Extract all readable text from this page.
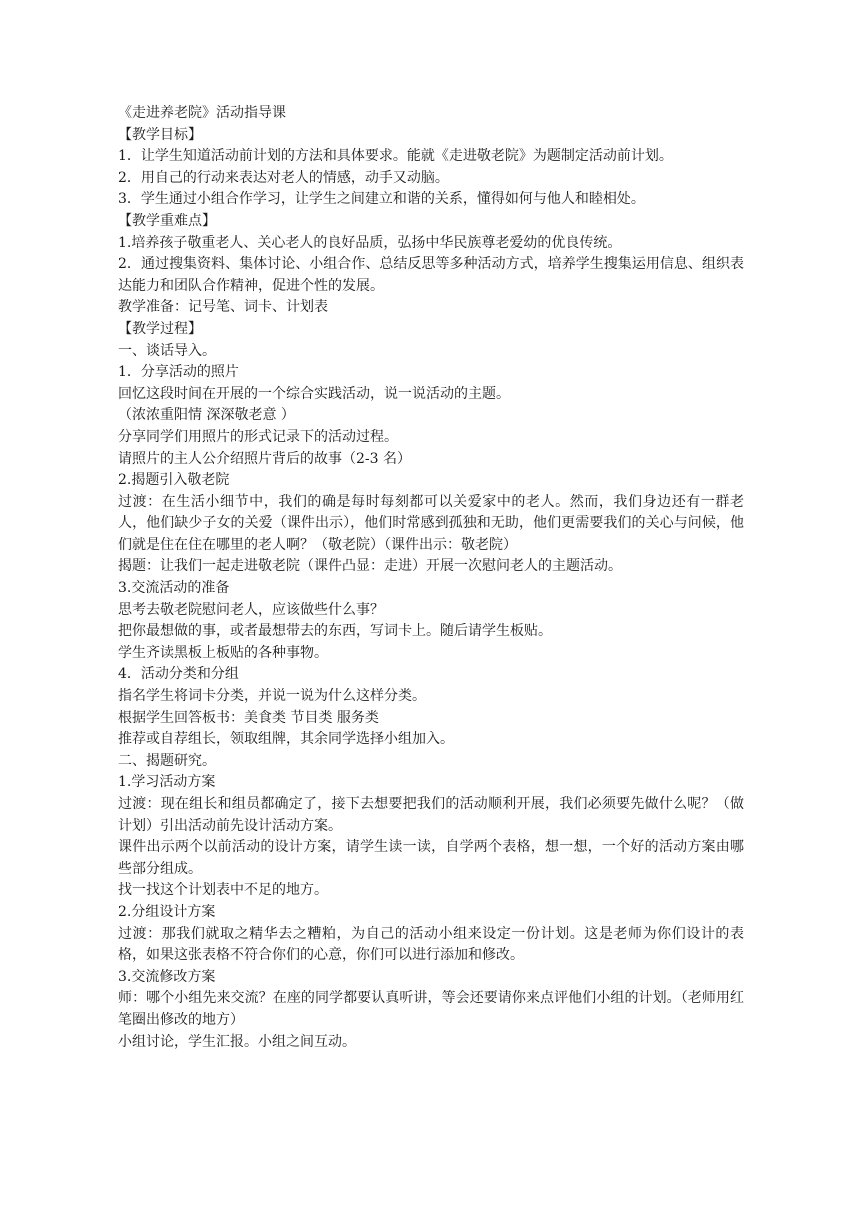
《走进养老院》活动指导课

【教学目标】

1．让学生知道活动前计划的方法和具体要求。能就《走进敬老院》为题制定活动前计划。

2．用自己的行动来表达对老人的情感，动手又动脑。

3．学生通过小组合作学习，让学生之间建立和谐的关系，懂得如何与他人和睦相处。

【教学重难点】

1.培养孩子敬重老人、关心老人的良好品质，弘扬中华民族尊老爱幼的优良传统。

2．通过搜集资料、集体讨论、小组合作、总结反思等多种活动方式，培养学生搜集运用信息、组织表达能力和团队合作精神，促进个性的发展。

教学准备：记号笔、词卡、计划表

【教学过程】

一、谈话导入。

1．分享活动的照片

回忆这段时间在开展的一个综合实践活动，说一说活动的主题。

（浓浓重阳情 深深敬老意 ）

分享同学们用照片的形式记录下的活动过程。

请照片的主人公介绍照片背后的故事（2-3 名）

2.揭题引入敬老院

过渡：在生活小细节中，我们的确是每时每刻都可以关爱家中的老人。然而，我们身边还有一群老人，他们缺少子女的关爱（课件出示），他们时常感到孤独和无助，他们更需要我们的关心与问候，他们就是住在住在哪里的老人啊？（敬老院）（课件出示：敬老院）

揭题：让我们一起走进敬老院（课件凸显：走进）开展一次慰问老人的主题活动。

3.交流活动的准备

思考去敬老院慰问老人，应该做些什么事？

把你最想做的事，或者最想带去的东西，写词卡上。随后请学生板贴。

学生齐读黑板上板贴的各种事物。

4．活动分类和分组

指名学生将词卡分类，并说一说为什么这样分类。

根据学生回答板书：美食类 节目类 服务类

推荐或自荐组长，领取组牌，其余同学选择小组加入。

二、揭题研究。

1.学习活动方案

过渡：现在组长和组员都确定了，接下去想要把我们的活动顺利开展，我们必须要先做什么呢？（做计划）引出活动前先设计活动方案。

课件出示两个以前活动的设计方案，请学生读一读，自学两个表格，想一想，一个好的活动方案由哪些部分组成。

找一找这个计划表中不足的地方。

2.分组设计方案

过渡：那我们就取之精华去之糟粕，为自己的活动小组来设定一份计划。这是老师为你们设计的表格，如果这张表格不符合你们的心意，你们可以进行添加和修改。

3.交流修改方案

师：哪个小组先来交流？在座的同学都要认真听讲，等会还要请你来点评他们小组的计划。（老师用红笔圈出修改的地方）

小组讨论，学生汇报。小组之间互动。
